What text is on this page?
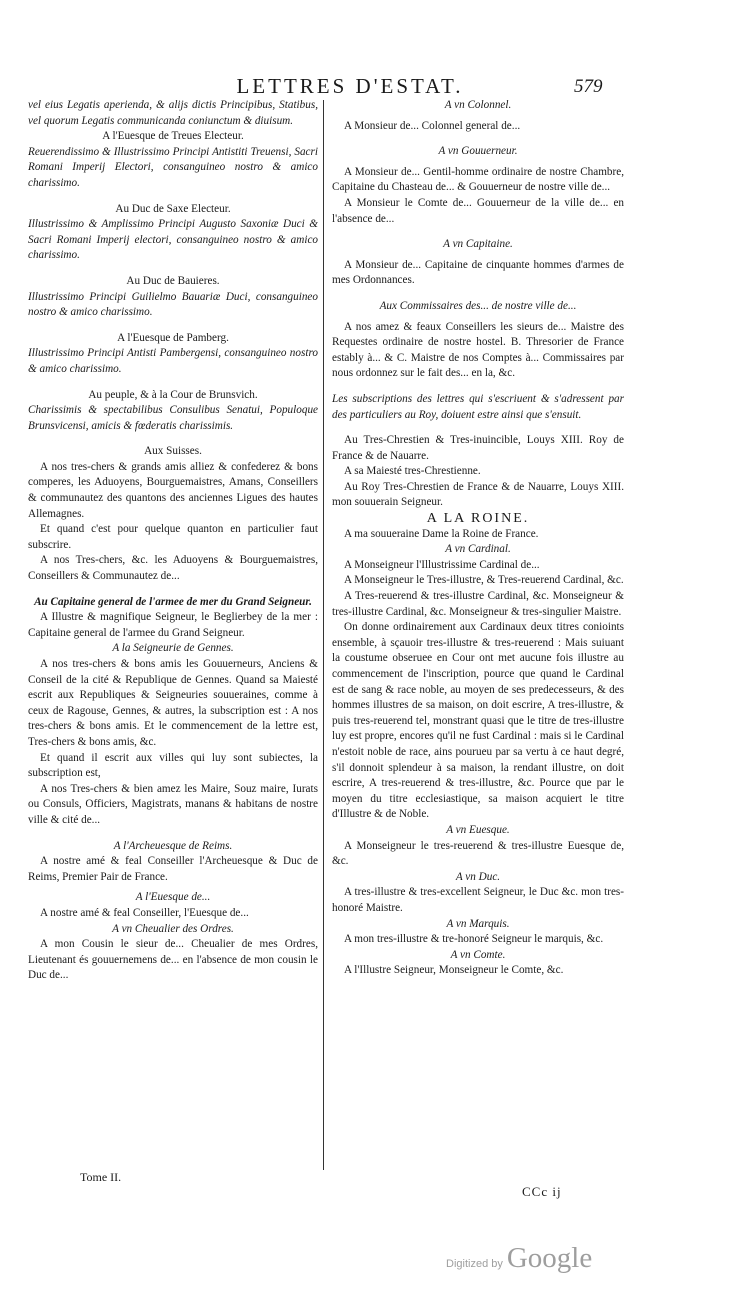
LETTRES D'ESTAT.	579

vel eius Legatis aperienda, & alijs dictis Principibus, Statibus, vel quorum Legatis communicanda coniunctum & diuisum.

A l'Euesque de Treues Electeur.

Reuerendissimo & Illustrissimo Principi Antistiti Treuensi, Sacri Romani Imperij Electori, consanguineo nostro & amico charissimo.

Au Duc de Saxe Electeur.

Illustrissimo & Amplissimo Principi Augusto Saxoniæ Duci & Sacri Romani Imperij electori, consanguineo nostro & amico charissimo.

Au Duc de Bauieres.

Illustrissimo Principi Guilielmo Bauariæ Duci, consanguineo nostro & amico charissimo.

A l'Euesque de Pamberg.

Illustrissimo Principi Antisti Pambergensi, consanguineo nostro & amico charissimo.

Au peuple, & à la Cour de Brunsvich.

Charissimis & spectabilibus Consulibus Senatui, Populoque Brunsvicensi, amicis & fœderatis charissimis.

Aux Suisses.

A nos tres-chers & grands amis alliez & confederez & bons comperes, les Aduoyens, Bourguemaistres, Amans, Conseillers & communautez des quantons des anciennes Ligues des hautes Allemagnes.

Et quand c'est pour quelque quanton en particulier faut subscrire.

A nos Tres-chers, &c. les Aduoyens & Bourguemaistres, Conseillers & Communautez de...

Au Capitaine general de l'armee de mer du Grand Seigneur.

A Illustre & magnifique Seigneur, le Beglierbey de la mer : Capitaine general de l'armee du Grand Seigneur.

A la Seigneurie de Gennes.

A nos tres-chers & bons amis les Gouuerneurs, Anciens & Conseil de la cité & Republique de Gennes. Quand sa Maiesté escrit aux Republiques & Seigneuries souueraines, comme à ceux de Ragouse, Gennes, & autres, la subscription est : A nos tres-chers & bons amis. Et le commencement de la lettre est, Tres-chers & bons amis, &c.

Et quand il escrit aux villes qui luy sont subiectes, la subscription est,

A nos Tres-chers & bien amez les Maire, Souz maire, Iurats ou Consuls, Officiers, Magistrats, manans & habitans de nostre ville & cité de...

A l'Archeuesque de Reims.

A nostre amé & feal Conseiller l'Archeuesque & Duc de Reims, Premier Pair de France.

A l'Euesque de...

A nostre amé & feal Conseiller, l'Euesque de...

A vn Cheualier des Ordres.

A mon Cousin le sieur de... Cheualier de mes Ordres, Lieutenant és gouuernemens de... en l'absence de mon cousin le Duc de...

A vn Colonnel.

A Monsieur de... Colonnel general de...

A vn Gouuerneur.

A Monsieur de... Gentil-homme ordinaire de nostre Chambre, Capitaine du Chasteau de... & Gouuerneur de nostre ville de...

A Monsieur le Comte de... Gouuerneur de la ville de... en l'absence de...

A vn Capitaine.

A Monsieur de... Capitaine de cinquante hommes d'armes de mes Ordonnances.

Aux Commissaires des... de nostre ville de...

A nos amez & feaux Conseillers les sieurs de... Maistre des Requestes ordinaire de nostre hostel. B. Thresorier de France estably à... & C. Maistre de nos Comptes à... Commissaires par nous ordonnez sur le fait des... en la, &c.

Les subscriptions des lettres qui s'escriuent & s'adressent par des particuliers au Roy, doiuent estre ainsi que s'ensuit.

Au Tres-Chrestien & Tres-inuincible, Louys XIII. Roy de France & de Nauarre.

A sa Maiesté tres-Chrestienne.

Au Roy Tres-Chrestien de France & de Nauarre, Louys XIII. mon souuerain Seigneur.

A LA ROINE.

A ma souueraine Dame la Roine de France.

A vn Cardinal.

A Monseigneur l'Illustrissime Cardinal de...

A Monseigneur le Tres-illustre, & Tres-reuerend Cardinal, &c.

A Tres-reuerend & tres-illustre Cardinal, &c. Monseigneur & tres-illustre Cardinal, &c. Monseigneur & tres-singulier Maistre.

On donne ordinairement aux Cardinaux deux titres conioints ensemble, à sçauoir tres-illustre & tres-reuerend : Mais suiuant la coustume obseruee en Cour ont met aucune fois illustre au commencement de l'inscription, pource que quand le Cardinal est de sang & race noble, au moyen de ses predecesseurs, & des hommes illustres de sa maison, on doit escrire, A tres-illustre, & puis tres-reuerend tel, monstrant quasi que le titre de tres-illustre luy est propre, encores qu'il ne fust Cardinal : mais si le Cardinal n'estoit noble de race, ains pourueu par sa vertu à ce haut degré, s'il donnoit splendeur à sa maison, la rendant illustre, on doit escrire, A tres-reuerend & tres-illustre, &c. Pource que par le moyen du titre ecclesiastique, sa maison acquiert le titre d'Illustre & de Noble.

A vn Euesque.

A Monseigneur le tres-reuerend & tres-illustre Euesque de, &c.

A vn Duc.

A tres-illustre & tres-excellent Seigneur, le Duc &c. mon tres-honoré Maistre.

A vn Marquis.

A mon tres-illustre & tre-honoré Seigneur le marquis, &c.

A vn Comte.

A l'Illustre Seigneur, Monseigneur le Comte, &c.

Tome II.
CCc ij
Digitized by Google
